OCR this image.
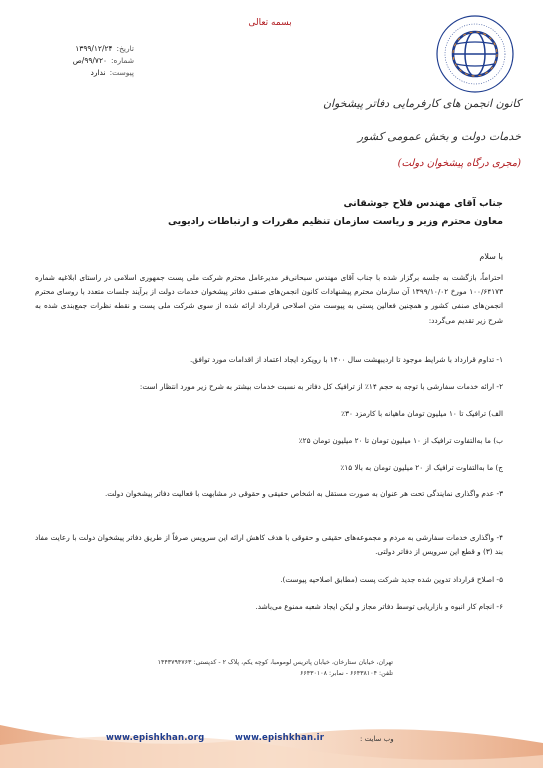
بسمه تعالی
تاریخ:
۱۳۹۹/۱۲/۲۴
شماره:
۹۹/۷۲۰/ص
پیوست:
ندارد
کانون انجمن های کارفرمایی دفاتر پیشخوان
خدمات دولت و بخش عمومی کشور
(مجری درگاه پیشخوان دولت)
جناب آقای مهندس فلاح جوشقانی
معاون محترم وزیر و ریاست سازمان تنظیم مقررات و ارتباطات رادیویی
با سلام

احتراماً، بازگشت به جلسه برگزار شده با جناب آقای مهندس سبحانی‌فر مدیرعامل محترم شرکت ملی پست جمهوری اسلامی در راستای ابلاغیه شماره ۱۰۰/۶۴۱۷۳ مورخ ۱۳۹۹/۱۰/۰۲ آن سازمان محترم پیشنهادات کانون انجمن‌های صنفی دفاتر پیشخوان خدمات دولت از برآیند جلسات متعدد با روسای محترم انجمن‌های صنفی کشور و همچنین فعالین پستی به پیوست متن اصلاحی قرارداد ارائه شده از سوی شرکت ملی پست و نقطه نظرات جمع‌بندی شده به شرح زیر تقدیم می‌گردد:

۱- تداوم قرارداد با شرایط موجود تا اردیبهشت سال ۱۴۰۰ با رویکرد ایجاد اعتماد از اقدامات مورد توافق.
۲- ارائه خدمات سفارشی با توجه به حجم ۱۴٪ از ترافیک کل دفاتر به نسبت خدمات بیشتر به شرح زیر مورد انتظار است:
الف) ترافیک تا ۱۰ میلیون تومان ماهیانه با کارمزد ۳۰٪
ب) ما به‌التفاوت ترافیک از ۱۰ میلیون تومان تا ۲۰ میلیون تومان ۲۵٪
ج) ما به‌التفاوت ترافیک از ۲۰ میلیون تومان به بالا ۱۵٪
۳- عدم واگذاری نمایندگی تحت هر عنوان به صورت مستقل به اشخاص حقیقی و حقوقی در مشابهت با فعالیت دفاتر پیشخوان دولت.
۴- واگذاری خدمات سفارشی به مردم و مجموعه‌های حقیقی و حقوقی با هدف کاهش ارائه این سرویس صرفاً از طریق دفاتر پیشخوان دولت با رعایت مفاد بند (۳) و قطع این سرویس از دفاتر دولتی.
۵- اصلاح قرارداد تدوین شده جدید شرکت پست (مطابق اصلاحیه پیوست).
۶- انجام کار انبوه و بازاریابی توسط دفاتر مجاز و لیکن ایجاد شعبه ممنوع می‌باشد.
تهران، خیابان ستارخان، خیابان پاتریس لومومبا، کوچه یکم، پلاک ۲ - کدپستی: ۱۴۴۳۷۹۴۷۶۳
تلفن: ۶۶۴۳۸۱۰۴ - نمابر: ۶۶۴۳۰۱۰۸
www.epishkhan.org	www.epishkhan.ir	وب سایت :
